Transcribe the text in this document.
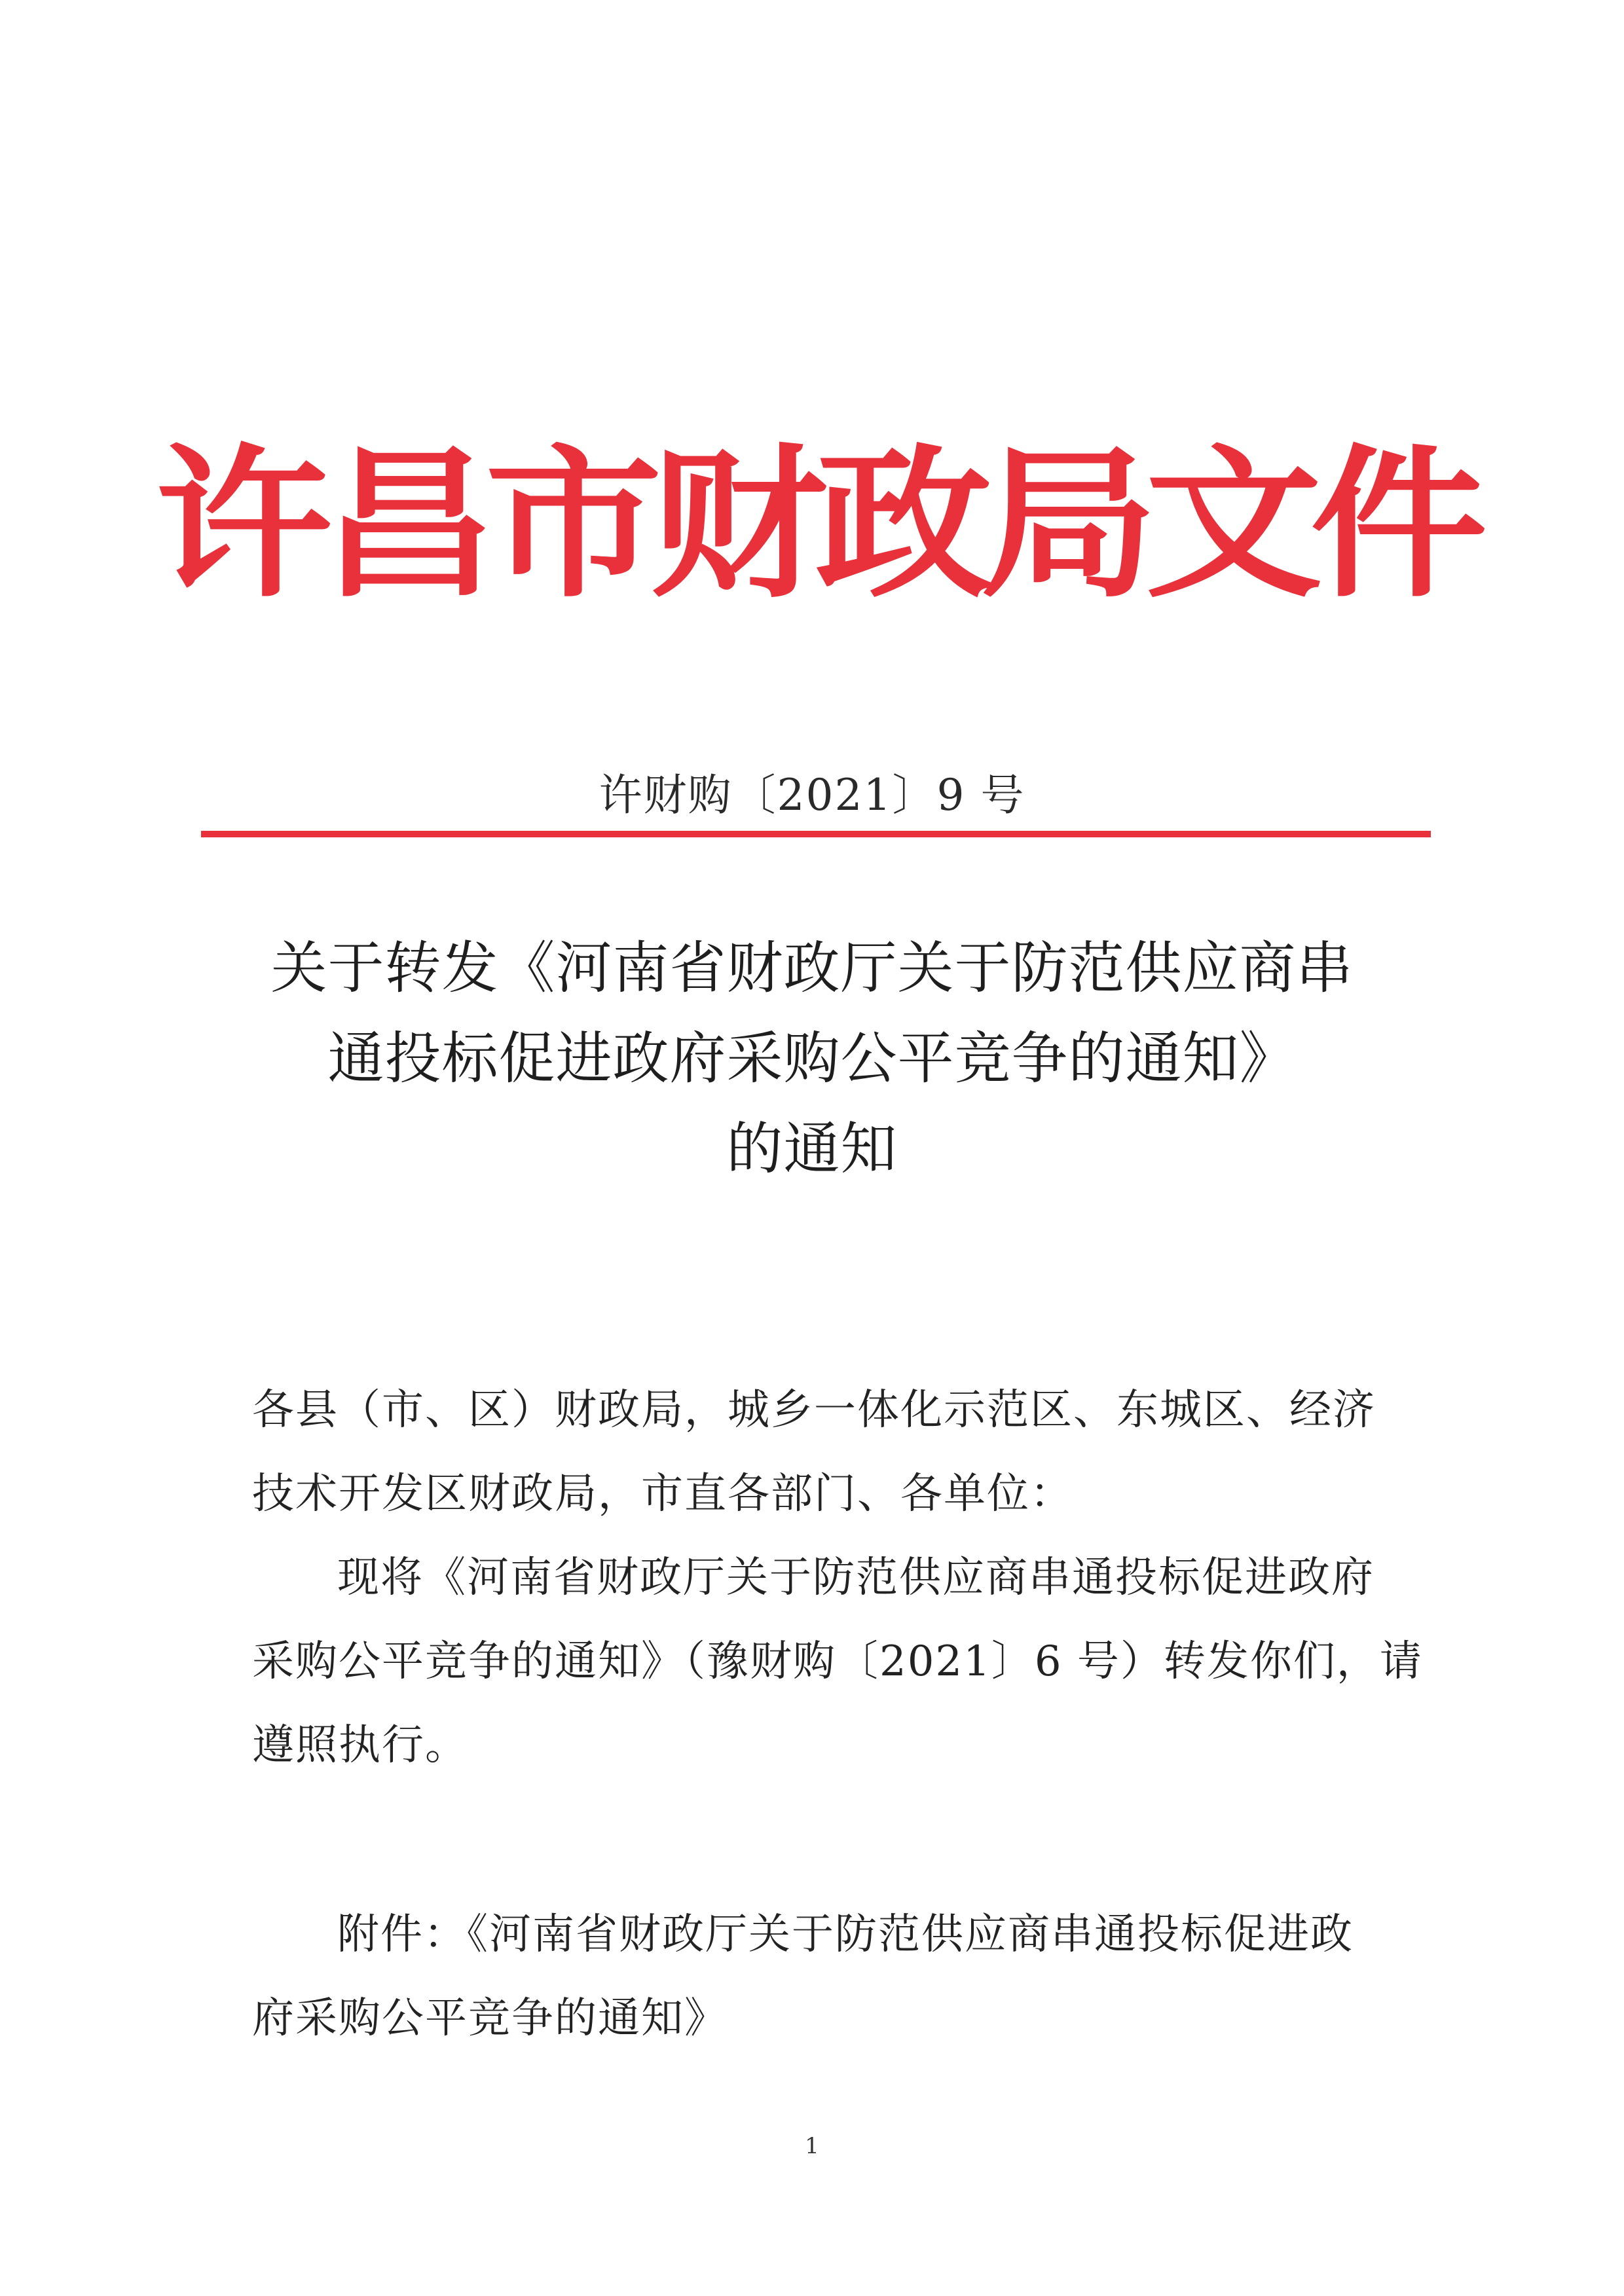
许昌市财政局文件
许财购〔2021〕9 号
关于转发《河南省财政厅关于防范供应商串
通投标促进政府采购公平竞争的通知》
的通知
各县（市、区）财政局，城乡一体化示范区、东城区、经济
技术开发区财政局，市直各部门、各单位：
现将《河南省财政厅关于防范供应商串通投标促进政府
采购公平竞争的通知》（豫财购〔2021〕6 号）转发你们，请
遵照执行。
附件：《河南省财政厅关于防范供应商串通投标促进政
府采购公平竞争的通知》
1
